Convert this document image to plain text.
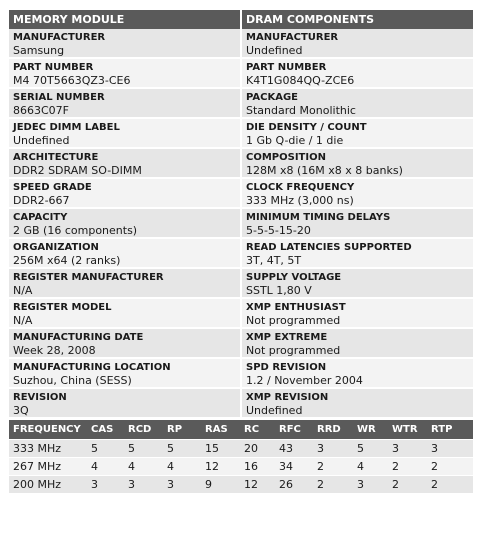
MEMORY MODULE
MANUFACTURER
Samsung
PART NUMBER
M4 70T5663QZ3-CE6
SERIAL NUMBER
8663C07F
JEDEC DIMM LABEL
Undefined
ARCHITECTURE
DDR2 SDRAM SO-DIMM
SPEED GRADE
DDR2-667
CAPACITY
2 GB (16 components)
ORGANIZATION
256M x64 (2 ranks)
REGISTER MANUFACTURER
N/A
REGISTER MODEL
N/A
MANUFACTURING DATE
Week 28, 2008
MANUFACTURING LOCATION
Suzhou, China (SESS)
REVISION
3Q
DRAM COMPONENTS
MANUFACTURER
Undefined
PART NUMBER
K4T1G084QQ-ZCE6
PACKAGE
Standard Monolithic
DIE DENSITY / COUNT
1 Gb Q-die / 1 die
COMPOSITION
128M x8 (16M x8 x 8 banks)
CLOCK FREQUENCY
333 MHz (3,000 ns)
MINIMUM TIMING DELAYS
5-5-5-15-20
READ LATENCIES SUPPORTED
3T, 4T, 5T
SUPPLY VOLTAGE
SSTL 1,80 V
XMP ENTHUSIAST
Not programmed
XMP EXTREME
Not programmed
SPD REVISION
1.2 / November 2004
XMP REVISION
Undefined
FREQUENCY	CAS	RCD	RP	RAS	RC	RFC	RRD	WR	WTR	RTP
333 MHz	5	5	5	15	20	43	3	5	3	3
267 MHz	4	4	4	12	16	34	2	4	2	2
200 MHz	3	3	3	9	12	26	2	3	2	2
